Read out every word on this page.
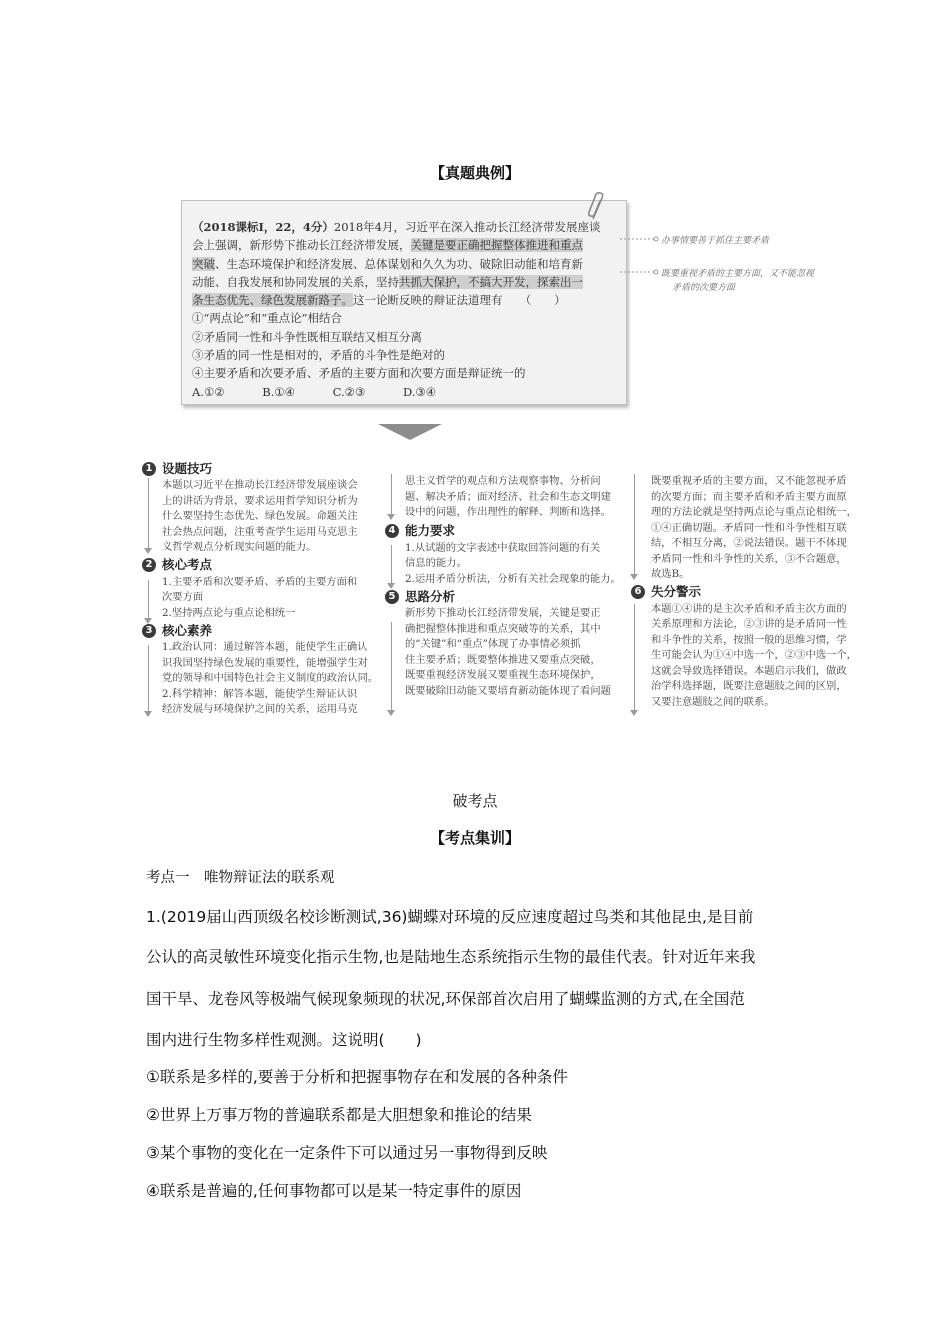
【真题典例】

（2018课标Ⅰ，22，4分）2018年4月，习近平在深入推动长江经济带发展座谈

会上强调，新形势下推动长江经济带发展，关键是要正确把握整体推进和重点

突破、生态环境保护和经济发展、总体谋划和久久为功、破除旧动能和培育新

动能、自我发展和协同发展的关系，坚持共抓大保护，不搞大开发，探索出一

条生态优先、绿色发展新路子。这一论断反映的辩证法道理有　　（　　）

①“两点论”和“重点论”相结合

②矛盾同一性和斗争性既相互联结又相互分离

③矛盾的同一性是相对的，矛盾的斗争性是绝对的

④主要矛盾和次要矛盾、矛盾的主要方面和次要方面是辩证统一的

A.①②	B.①④	C.②③	D.③④

办事情要善于抓住主要矛盾
既要重视矛盾的主要方面，又不能忽视
矛盾的次要方面
1 设题技巧

本题以习近平在推动长江经济带发展座谈会

上的讲话为背景，要求运用哲学知识分析为

什么要坚持生态优先、绿色发展。命题关注

社会热点问题，注重考查学生运用马克思主

义哲学观点分析现实问题的能力。

2 核心考点

1.主要矛盾和次要矛盾、矛盾的主要方面和

次要方面

2.坚持两点论与重点论相统一

3 核心素养

1.政治认同：通过解答本题，能使学生正确认

识我国坚持绿色发展的重要性，能增强学生对

党的领导和中国特色社会主义制度的政治认同。

2.科学精神：解答本题，能使学生辩证认识

经济发展与环境保护之间的关系，运用马克

思主义哲学的观点和方法观察事物、分析问

题、解决矛盾；面对经济、社会和生态文明建

设中的问题，作出理性的解释、判断和选择。

4 能力要求

1.从试题的文字表述中获取回答问题的有关

信息的能力。

2.运用矛盾分析法，分析有关社会现象的能力。

5 思路分析

新形势下推动长江经济带发展，关键是要正

确把握整体推进和重点突破等的关系，其中

的“关键”和“重点”体现了办事情必须抓

住主要矛盾；既要整体推进又要重点突破，

既要重视经济发展又要重视生态环境保护，

既要破除旧动能又要培育新动能体现了看问题

既要重视矛盾的主要方面，又不能忽视矛盾

的次要方面；而主要矛盾和矛盾主要方面原

理的方法论就是坚持两点论与重点论相统一，

①④正确切题。矛盾同一性和斗争性相互联

结，不相互分离，②说法错误。题干不体现

矛盾同一性和斗争性的关系，③不合题意，

故选B。

6 失分警示

本题①④讲的是主次矛盾和矛盾主次方面的

关系原理和方法论，②③讲的是矛盾同一性

和斗争性的关系，按照一般的思维习惯，学

生可能会认为①④中选一个，②③中选一个，

这就会导致选择错误。本题启示我们，做政

治学科选择题，既要注意题肢之间的区别，

又要注意题肢之间的联系。

破考点
【考点集训】
考点一　唯物辩证法的联系观
1.(2019届山西顶级名校诊断测试,36)蝴蝶对环境的反应速度超过鸟类和其他昆虫,是目前
公认的高灵敏性环境变化指示生物,也是陆地生态系统指示生物的最佳代表。针对近年来我
国干旱、龙卷风等极端气候现象频现的状况,环保部首次启用了蝴蝶监测的方式,在全国范
围内进行生物多样性观测。这说明(　　)
①联系是多样的,要善于分析和把握事物存在和发展的各种条件
②世界上万事万物的普遍联系都是大胆想象和推论的结果
③某个事物的变化在一定条件下可以通过另一事物得到反映
④联系是普遍的,任何事物都可以是某一特定事件的原因
